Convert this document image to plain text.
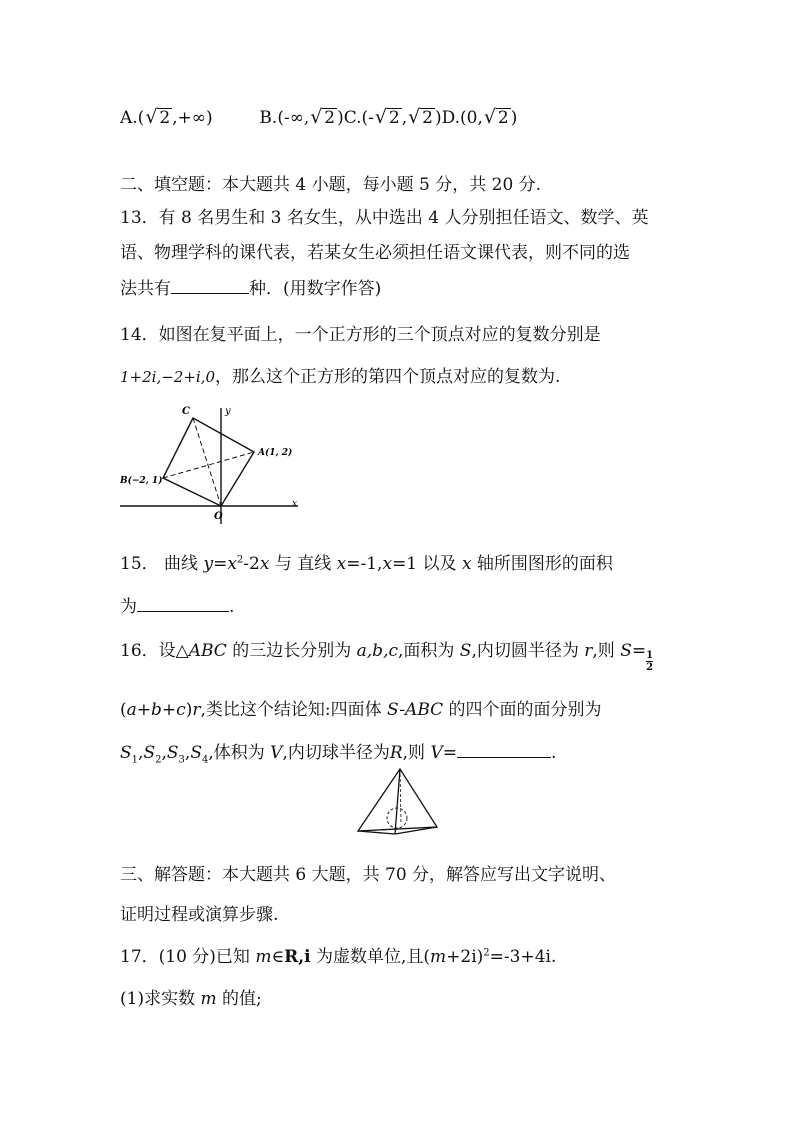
A.( √ 2 ,+∞)	B.(-∞, √ 2 )C.(- √ 2 , √ 2 )D.(0, √ 2 )
二、填空题：本大题共 4 小题，每小题 5 分，共 20 分.
13．有 8 名男生和 3 名女生，从中选出 4 人分别担任语文、数学、英
语、物理学科的课代表，若某女生必须担任语文课代表，则不同的选
法共有	种．(用数字作答)
14．如图在复平面上，一个正方形的三个顶点对应的复数分别是
1+2i,−2+i,0，那么这个正方形的第四个顶点对应的复数为.
C	y
A(1, 2)
B(−2, 1)
O
x
15． 曲线 $y=x^2-2x$ 与 直线 x=-1,x=1 以及 x 轴所围图形的面积
为	.
16．设△ABC 的三边长分别为 a,b,c,面积为 S,内切圆半径为 r,则 $S= \frac{1}{2}$
(a+b+c)r,类比这个结论知:四面体 S-ABC 的四个面的面分别为
$S_1,S_2,S_3,S_4$,体积为 V,内切球半径为R,则 V=	.
三、解答题：本大题共 6 大题，共 70 分，解答应写出文字说明、
证明过程或演算步骤.
17．(10 分)已知 m∈R,i 为虚数单位,且$(m+2i)^2=-3+4i$.
(1)求实数 m 的值;
